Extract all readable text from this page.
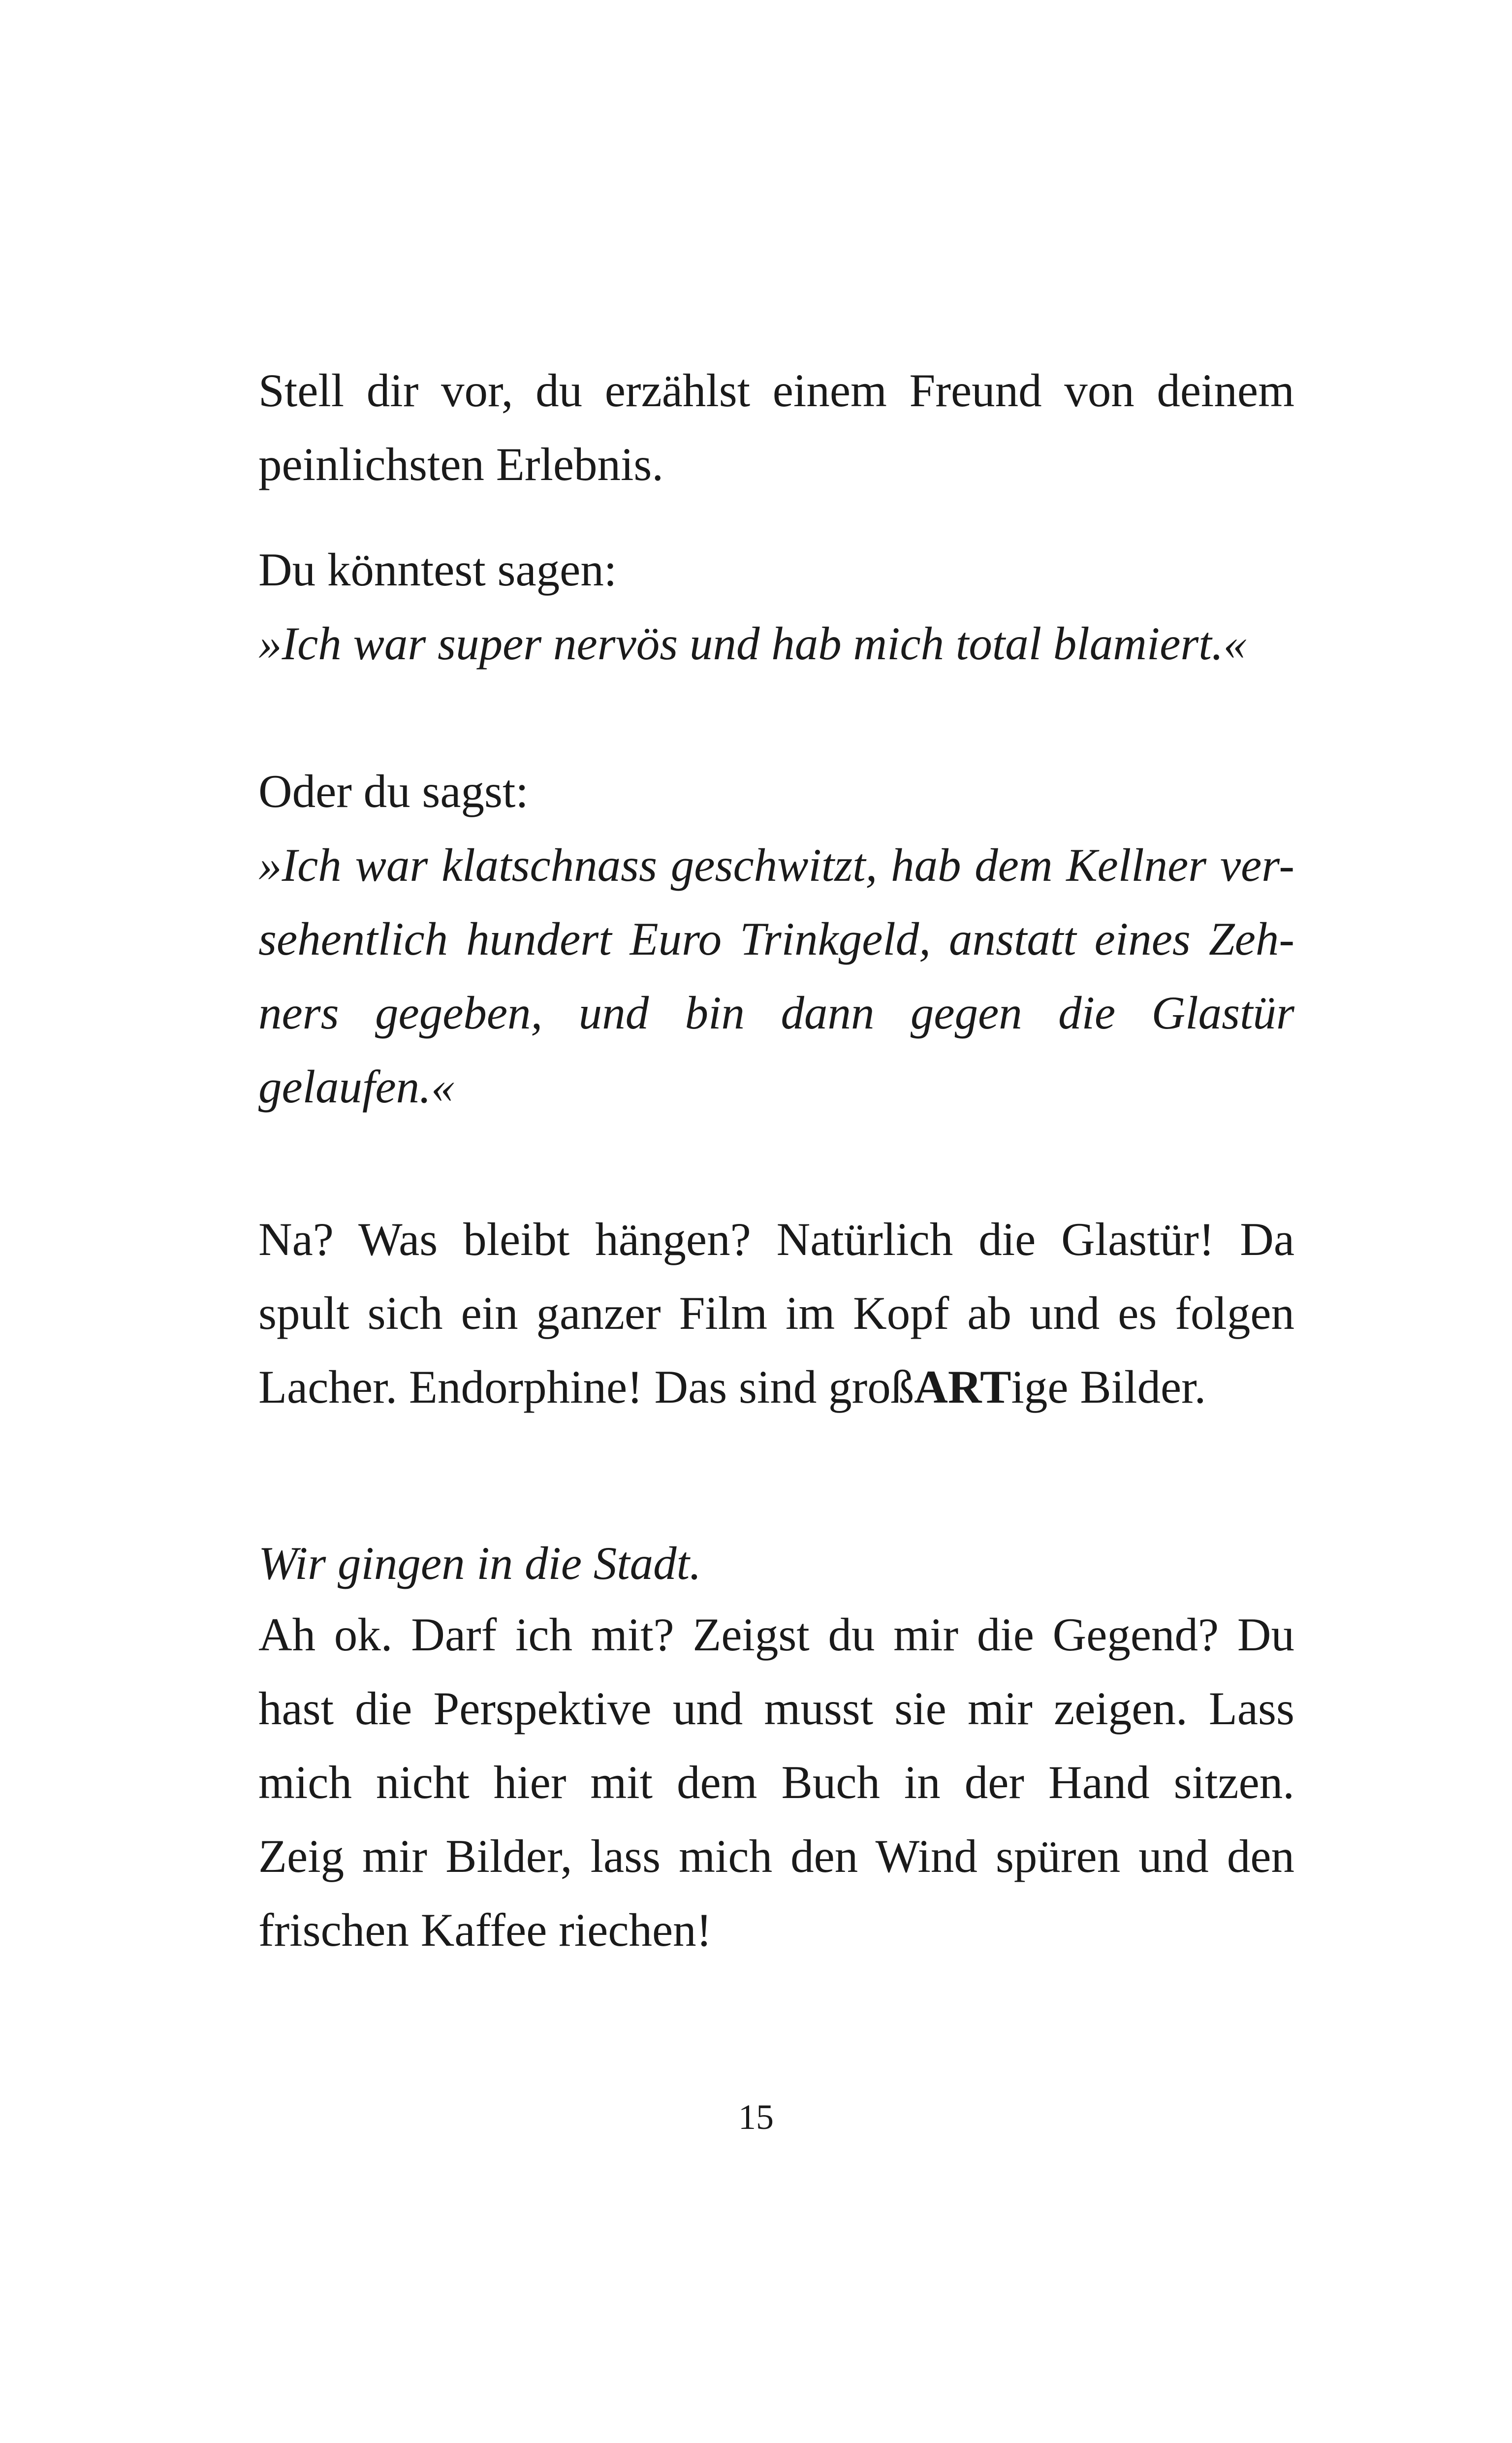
Stell dir vor, du erzählst einem Freund von deinem
peinlichsten Erlebnis.
Du könntest sagen:
»Ich war super nervös und hab mich total blamiert.«
Oder du sagst:
»Ich war klatschnass geschwitzt, hab dem Kellner ver-
sehentlich hundert Euro Trinkgeld, anstatt eines Zeh-
ners gegeben, und bin dann gegen die Glastür
gelaufen.«
Na? Was bleibt hängen? Natürlich die Glastür! Da
spult sich ein ganzer Film im Kopf ab und es folgen
Lacher. Endorphine! Das sind großARTige Bilder.
Wir gingen in die Stadt.
Ah ok. Darf ich mit? Zeigst du mir die Gegend? Du
hast die Perspektive und musst sie mir zeigen. Lass
mich nicht hier mit dem Buch in der Hand sitzen.
Zeig mir Bilder, lass mich den Wind spüren und den
frischen Kaffee riechen!
15
